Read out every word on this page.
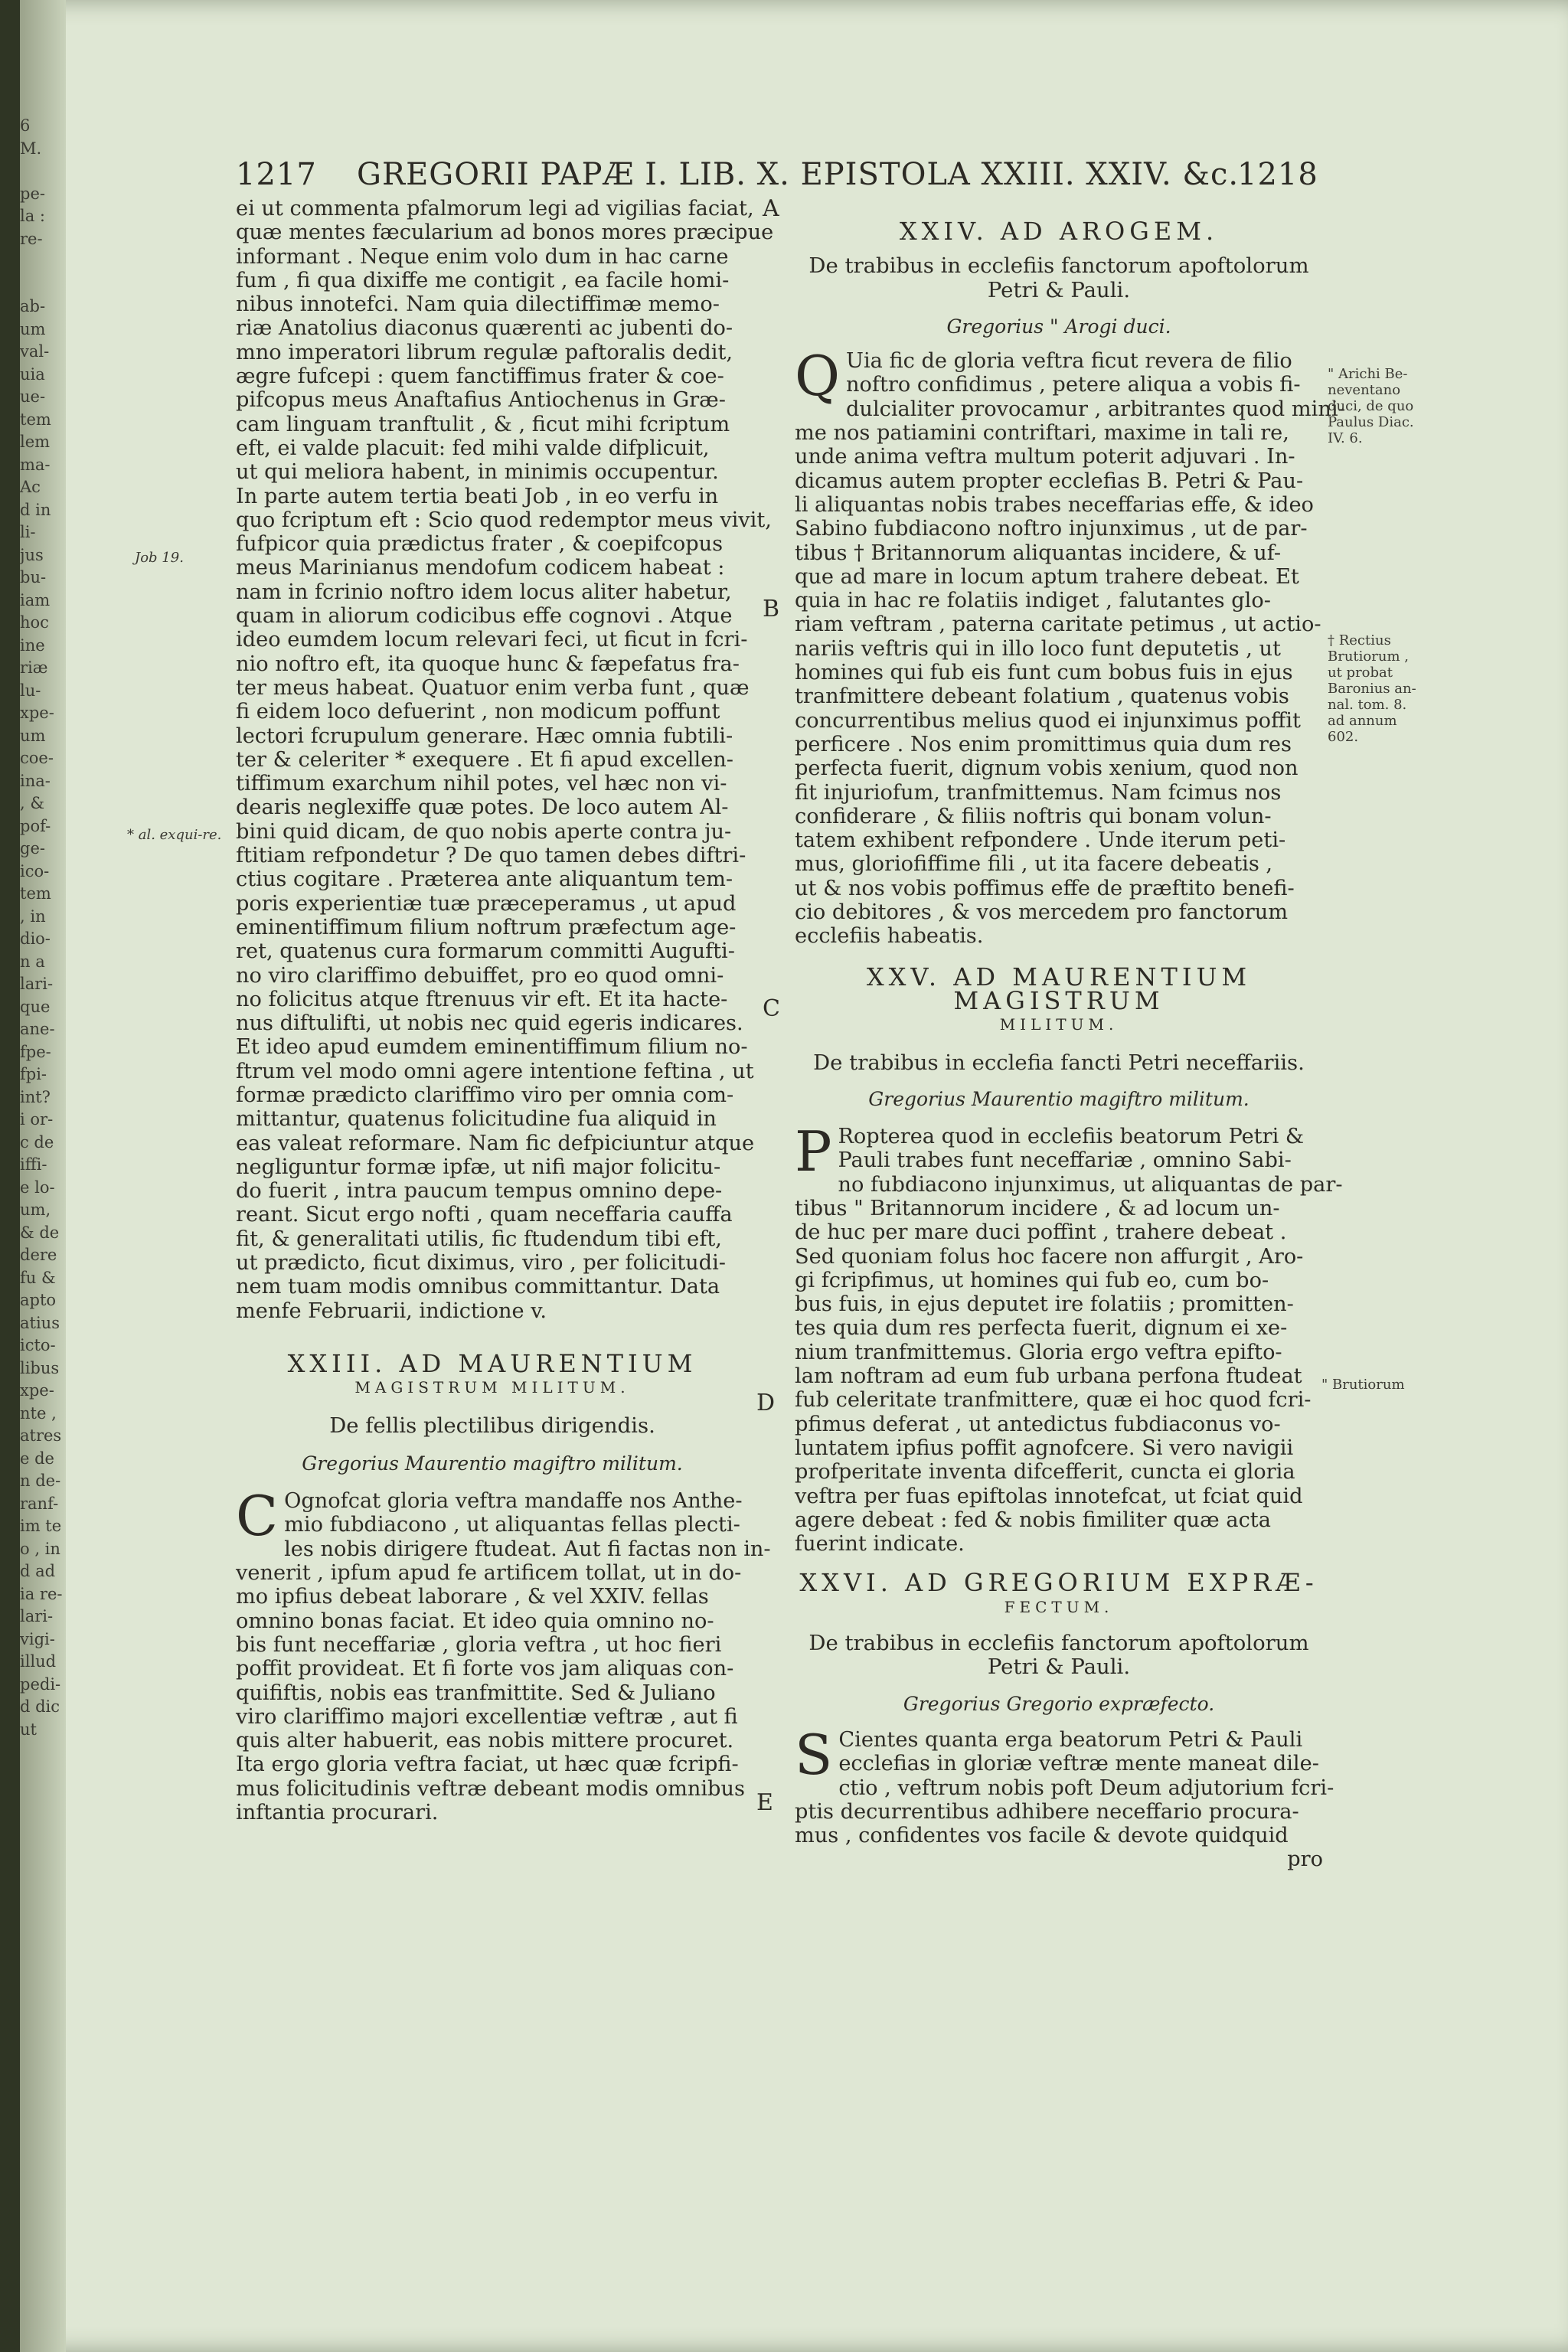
6
M.

pe-
la :
re-

ab-
um
val-
uia
ue-
tem
lem
ma-
Ac
d in
li-
jus
bu-
iam
hoc
ine
riæ
lu-
xpe-
um
coe-
ina-
, &
pof-
ge-
ico-
tem
, in
dio-
n a
lari-
que
ane-
fpe-
fpi-
int?
i or-
c de
iffi-
e lo-
um,
& de
dere
fu &
apto
atius
icto-
libus
xpe-
nte ,
atres
e de
n de-
ranf-
im te
o , in
d ad
ia re-
lari-
vigi-
illud
pedi-
d dic
ut
1217 GREGORII PAPÆ I. LIB. X. EPISTOLA XXIII. XXIV. &c.
1218
ei ut commenta pfalmorum legi ad vigilias faciat,
quæ mentes fæcularium ad bonos mores præcipue
informant . Neque enim volo dum in hac carne
fum , fi qua dixiffe me contigit , ea facile homi-
nibus innotefci. Nam quia dilectiffimæ memo-
riæ Anatolius diaconus quærenti ac jubenti do-
mno imperatori librum regulæ paftoralis dedit,
ægre fufcepi : quem fanctiffimus frater & coe-
pifcopus meus Anaftafius Antiochenus in Græ-
cam linguam tranftulit , & , ficut mihi fcriptum
eft, ei valde placuit: fed mihi valde difplicuit,
ut qui meliora habent, in minimis occupentur.
In parte autem tertia beati Job , in eo verfu in
quo fcriptum eft : Scio quod redemptor meus vivit,
fufpicor quia prædictus frater , & coepifcopus
meus Marinianus mendofum codicem habeat :
nam in fcrinio noftro idem locus aliter habetur,
quam in aliorum codicibus effe cognovi . Atque
ideo eumdem locum relevari feci, ut ficut in fcri-
nio noftro eft, ita quoque hunc & fæpefatus fra-
ter meus habeat. Quatuor enim verba funt , quæ
fi eidem loco defuerint , non modicum poffunt
lectori fcrupulum generare. Hæc omnia fubtili-
ter & celeriter * exequere . Et fi apud excellen-
tiffimum exarchum nihil potes, vel hæc non vi-
dearis neglexiffe quæ potes. De loco autem Al-
bini quid dicam, de quo nobis aperte contra ju-
ftitiam refpondetur ? De quo tamen debes diftri-
ctius cogitare . Præterea ante aliquantum tem-
poris experientiæ tuæ præceperamus , ut apud
eminentiffimum filium noftrum præfectum age-
ret, quatenus cura formarum committi Augufti-
no viro clariffimo debuiffet, pro eo quod omni-
no folicitus atque ftrenuus vir eft. Et ita hacte-
nus diftulifti, ut nobis nec quid egeris indicares.
Et ideo apud eumdem eminentiffimum filium no-
ftrum vel modo omni agere intentione feftina , ut
formæ prædicto clariffimo viro per omnia com-
mittantur, quatenus folicitudine fua aliquid in
eas valeat reformare. Nam fic defpiciuntur atque
negliguntur formæ ipfæ, ut nifi major folicitu-
do fuerit , intra paucum tempus omnino depe-
reant. Sicut ergo nofti , quam neceffaria cauffa
fit, & generalitati utilis, fic ftudendum tibi eft,
ut prædicto, ficut diximus, viro , per folicitudi-
nem tuam modis omnibus committantur. Data
menfe Februarii, indictione v.
XXIII. AD MAURENTIUM
MAGISTRUM MILITUM.
De fellis plectilibus dirigendis.
Gregorius Maurentio magiftro militum.
C Ognofcat gloria veftra mandaffe nos Anthe-
mio fubdiacono , ut aliquantas fellas plecti-
les nobis dirigere ftudeat. Aut fi factas non in-
venerit , ipfum apud fe artificem tollat, ut in do-
mo ipfius debeat laborare , & vel XXIV. fellas
omnino bonas faciat. Et ideo quia omnino no-
bis funt neceffariæ , gloria veftra , ut hoc fieri
poffit provideat. Et fi forte vos jam aliquas con-
quififtis, nobis eas tranfmittite. Sed & Juliano
viro clariffimo majori excellentiæ veftræ , aut fi
quis alter habuerit, eas nobis mittere procuret.
Ita ergo gloria veftra faciat, ut hæc quæ fcripfi-
mus folicitudinis veftræ debeant modis omnibus
inftantia procurari.
XXIV. AD AROGEM.
De trabibus in ecclefiis fanctorum apoftolorum
Petri & Pauli.
Gregorius " Arogi duci.
Q Uia fic de gloria veftra ficut revera de filio
noftro confidimus , petere aliqua a vobis fi-
dulcialiter provocamur , arbitrantes quod mini-
me nos patiamini contriftari, maxime in tali re,
unde anima veftra multum poterit adjuvari . In-
dicamus autem propter ecclefias B. Petri & Pau-
li aliquantas nobis trabes neceffarias effe, & ideo
Sabino fubdiacono noftro injunximus , ut de par-
tibus † Britannorum aliquantas incidere, & uf-
que ad mare in locum aptum trahere debeat. Et
quia in hac re folatiis indiget , falutantes glo-
riam veftram , paterna caritate petimus , ut actio-
nariis veftris qui in illo loco funt deputetis , ut
homines qui fub eis funt cum bobus fuis in ejus
tranfmittere debeant folatium , quatenus vobis
concurrentibus melius quod ei injunximus poffit
perficere . Nos enim promittimus quia dum res
perfecta fuerit, dignum vobis xenium, quod non
fit injuriofum, tranfmittemus. Nam fcimus nos
confiderare , & filiis noftris qui bonam volun-
tatem exhibent refpondere . Unde iterum peti-
mus, gloriofiffime fili , ut ita facere debeatis ,
ut & nos vobis poffimus effe de præftito benefi-
cio debitores , & vos mercedem pro fanctorum
ecclefiis habeatis.
XXV. AD MAURENTIUM MAGISTRUM
MILITUM.
De trabibus in ecclefia fancti Petri neceffariis.
Gregorius Maurentio magiftro militum.
P Ropterea quod in ecclefiis beatorum Petri &
Pauli trabes funt neceffariæ , omnino Sabi-
no fubdiacono injunximus, ut aliquantas de par-
tibus " Britannorum incidere , & ad locum un-
de huc per mare duci poffint , trahere debeat .
Sed quoniam folus hoc facere non affurgit , Aro-
gi fcripfimus, ut homines qui fub eo, cum bo-
bus fuis, in ejus deputet ire folatiis ; promitten-
tes quia dum res perfecta fuerit, dignum ei xe-
nium tranfmittemus. Gloria ergo veftra epifto-
lam noftram ad eum fub urbana perfona ftudeat
fub celeritate tranfmittere, quæ ei hoc quod fcri-
pfimus deferat , ut antedictus fubdiaconus vo-
luntatem ipfius poffit agnofcere. Si vero navigii
profperitate inventa difcefferit, cuncta ei gloria
veftra per fuas epiftolas innotefcat, ut fciat quid
agere debeat : fed & nobis fimiliter quæ acta
fuerint indicate.
XXVI. AD GREGORIUM EXPRÆ-
FECTUM.
De trabibus in ecclefiis fanctorum apoftolorum
Petri & Pauli.
Gregorius Gregorio expræfecto.
S Cientes quanta erga beatorum Petri & Pauli
ecclefias in gloriæ veftræ mente maneat dile-
ctio , veftrum nobis poft Deum adjutorium fcri-
ptis decurrentibus adhibere neceffario procura-
mus , confidentes vos facile & devote quidquid
pro
A
B
C
D
E
Job 19.
* al. exqui-re.
" Arichi Be-neventano duci, de quo Paulus Diac. IV. 6.
† Rectius Brutiorum , ut probat Baronius an-nal. tom. 8. ad annum 602.
" Brutiorum
